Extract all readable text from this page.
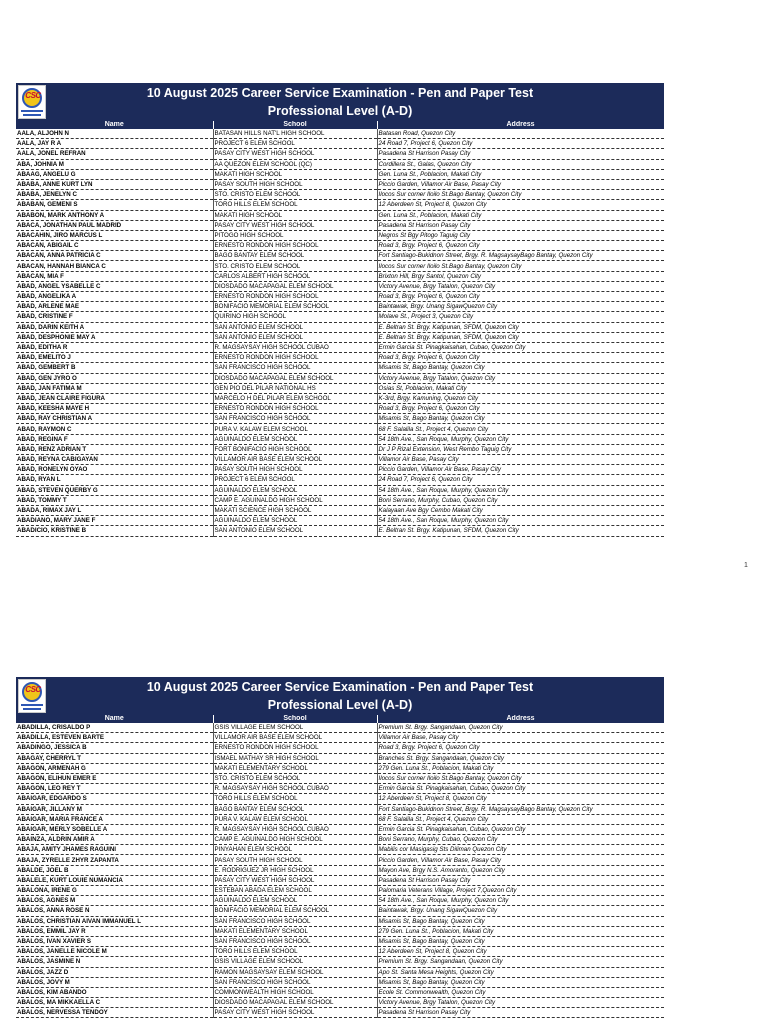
CSC	10 August 2025 Career Service Examination - Pen and Paper Test
Professional Level (A-D)
Name	School	Address
AALA, ALJOHN N	BATASAN HILLS NAT'L HIGH SCHOOL	Batasan Road, Quezon City
AALA, JAY R A	PROJECT 6 ELEM SCHOOL	24 Road 7, Project 6, Quezon City
AALA, JONEL REFRAN	PASAY CITY WEST HIGH SCHOOL	Pasadena St Harrison Pasay City
ABA, JOHNIA M	AA QUEZON ELEM SCHOOL (QC)	Cordillera St., Galas, Quezon City
ABAAG, ANGELU G	MAKATI HIGH SCHOOL	Gen. Luna St., Poblacion, Makati City
ABABA, ANNE KURT LYN	PASAY SOUTH HIGH SCHOOL	Piccio Garden, Villamor Air Base, Pasay City
ABABA, JENELYN C	STO. CRISTO ELEM SCHOOL	Ilocos Sur corner Iloilo St.Bago Bantay, Quezon City
ABABAN, GEMENI S	TORO HILLS ELEM SCHOOL	12 Aberdeen St, Project 8, Quezon City
ABABON, MARK ANTHONY A	MAKATI HIGH SCHOOL	Gen. Luna St., Poblacion, Makati City
ABACA, JONATHAN PAUL MADRID	PASAY CITY WEST HIGH SCHOOL	Pasadena St Harrison Pasay City
ABACAHIN, JIRO MARCUS L	PITOGO HIGH SCHOOL	Negros St Bgy Pitogo Taguig City
ABACAN, ABIGAIL C	ERNESTO RONDON HIGH SCHOOL	Road 3, Brgy. Project 6, Quezon City
ABACAN, ANNA PATRICIA C	BAGO BANTAY ELEM SCHOOL	Fort Santiago-Bukidnon Street, Brgy. R. MagsaysayBago Bantay, Quezon City
ABACAN, HANNAH BIANCA C	STO. CRISTO ELEM SCHOOL	Ilocos Sur corner Iloilo St.Bago Bantay, Quezon City
ABACAN, MIA F	CARLOS ALBERT HIGH SCHOOL	Brixton Hill, Brgy Santol, Quezon City
ABAD, ANGEL YSABELLE C	DIOSDADO MACAPAGAL ELEM SCHOOL	Victory Avenue, Brgy Tatalon, Quezon City
ABAD, ANGELIKA A	ERNESTO RONDON HIGH SCHOOL	Road 3, Brgy. Project 6, Quezon City
ABAD, ARLENE MAE	BONIFACIO MEMORIAL ELEM SCHOOL	Baintawak, Brgy. Unang SigawQuezon City
ABAD, CRISTINE F	QUIRINO HIGH SCHOOL	Molave St., Project 3, Quezon City
ABAD, DARIN KEITH A	SAN ANTONIO ELEM SCHOOL	E. Beltran St. Brgy. Katipunan, SFDM, Quezon City
ABAD, DESPHONIE MAY A	SAN ANTONIO ELEM SCHOOL	E. Beltran St. Brgy. Katipunan, SFDM, Quezon City
ABAD, EDITHA R	R. MAGSAYSAY HIGH SCHOOL CUBAO	Ermin Garcia St. Pinagkaisahan, Cubao, Quezon City
ABAD, EMELITO J	ERNESTO RONDON HIGH SCHOOL	Road 3, Brgy. Project 6, Quezon City
ABAD, GEMBERT B	SAN FRANCISCO HIGH SCHOOL	Misamis St, Bago Bantay, Quezon City
ABAD, GEN JYRO O	DIOSDADO MACAPAGAL ELEM SCHOOL	Victory Avenue, Brgy Tatalon, Quezon City
ABAD, JAN FATIMA M	GEN PIO DEL PILAR NATIONAL HS	Osias St, Poblacion, Makati City
ABAD, JEAN CLAIRE FIGURA	MARCELO H DEL PILAR ELEM SCHOOL	K-3rd, Brgy. Kamuning, Quezon City
ABAD, KEESHA MAYE H	ERNESTO RONDON HIGH SCHOOL	Road 3, Brgy. Project 6, Quezon City
ABAD, RAY CHRISTIAN A	SAN FRANCISCO HIGH SCHOOL	Misamis St, Bago Bantay, Quezon City
ABAD, RAYMON C	PURA V. KALAW ELEM SCHOOL	68 F. Salalila St., Project 4, Quezon City
ABAD, REGINA F	AGUINALDO ELEM SCHOOL	54 18th Ave., San Roque, Murphy, Quezon City
ABAD, RENZ ADRIAN T	FORT BONIFACIO HIGH SCHOOL	Dr J P Rizal Extension, West Rembo Taguig City
ABAD, REYNA CABIGAYAN	VILLAMOR AIR BASE ELEM SCHOOL	Villamor Air Base, Pasay City
ABAD, RONELYN OYAO	PASAY SOUTH HIGH SCHOOL	Piccio Garden, Villamor Air Base, Pasay City
ABAD, RYAN L	PROJECT 6 ELEM SCHOOL	24 Road 7, Project 6, Quezon City
ABAD, STEVEN QUERBY G	AGUINALDO ELEM SCHOOL	54 18th Ave., San Roque, Murphy, Quezon City
ABAD, TOMMY T	CAMP E. AGUINALDO HIGH SCHOOL	Boni Serrano, Murphy, Cubao, Quezon City
ABADA, RIMAX JAY L	MAKATI SCIENCE HIGH SCHOOL	Kalayaan Ave Bgy Cembo Makati City
ABADIANO, MARY JANE F	AGUINALDO ELEM SCHOOL	54 18th Ave., San Roque, Murphy, Quezon City
ABADICIO, KRISTINE B	SAN ANTONIO ELEM SCHOOL	E. Beltran St. Brgy. Katipunan, SFDM, Quezon City
1
CSC	10 August 2025 Career Service Examination - Pen and Paper Test
Professional Level (A-D)
Name	School	Address
ABADILLA, CRISALDO P	GSIS VILLAGE ELEM SCHOOL	Premium St. Brgy. Sangandaan, Quezon City
ABADILLA, ESTEVEN BARTE	VILLAMOR AIR BASE ELEM SCHOOL	Villamor Air Base, Pasay City
ABADINGO, JESSICA B	ERNESTO RONDON HIGH SCHOOL	Road 3, Brgy. Project 6, Quezon City
ABAGAY, CHERRYL T	ISMAEL MATHAY SR HIGH SCHOOL	Branches St. Brgy. Sangandaan, Quezon City
ABAGON, ARMENAH G	MAKATI ELEMENTARY SCHOOL	279 Gen. Luna St., Poblacion, Makati City
ABAGON, ELIHUN EMER E	STO. CRISTO ELEM SCHOOL	Ilocos Sur corner Iloilo St.Bago Bantay, Quezon City
ABAGON, LEO REY T	R. MAGSAYSAY HIGH SCHOOL CUBAO	Ermin Garcia St. Pinagkaisahan, Cubao, Quezon City
ABAIGAR, EDGARDO S	TORO HILLS ELEM SCHOOL	12 Aberdeen St, Project 8, Quezon City
ABAIGAR, JILLANY M	BAGO BANTAY ELEM SCHOOL	Fort Santiago-Bukidnon Street, Brgy. R. MagsaysayBago Bantay, Quezon City
ABAIGAR, MARIA FRANCE A	PURA V. KALAW ELEM SCHOOL	68 F. Salalila St., Project 4, Quezon City
ABAIGAR, MERLY SOBELLE A	R. MAGSAYSAY HIGH SCHOOL CUBAO	Ermin Garcia St. Pinagkaisahan, Cubao, Quezon City
ABAINZA, ALDRIN AMIR A	CAMP E. AGUINALDO HIGH SCHOOL	Boni Serrano, Murphy, Cubao, Quezon City
ABAJA, AMITY JHAMES RAGUINI	PINYAHAN ELEM SCHOOL	Mabilis cor Masigasig Sts Diliman Quezon City
ABAJA, ZYRELLE ZHYR ZAPANTA	PASAY SOUTH HIGH SCHOOL	Piccio Garden, Villamor Air Base, Pasay City
ABALDE, JOEL B	E. RODRIGUEZ JR HIGH SCHOOL	Mayon Ave, Brgy N.S. Amoranto, Quezon City
ABALELE, KURT LOUIE NUMANCIA	PASAY CITY WEST HIGH SCHOOL	Pasadena St Harrison Pasay City
ABALONA, IRENE G	ESTEBAN ABADA ELEM SCHOOL	Palomaria Veterans Village, Project 7,Quezon City
ABALOS, AGNES M	AGUINALDO ELEM SCHOOL	54 18th Ave., San Roque, Murphy, Quezon City
ABALOS, ANNA ROSE N	BONIFACIO MEMORIAL ELEM SCHOOL	Baintawak, Brgy. Unang SigawQuezon City
ABALOS, CHRISTIAN AIVAN IMMANUEL L	SAN FRANCISCO HIGH SCHOOL	Misamis St, Bago Bantay, Quezon City
ABALOS, EMMIL JAY R	MAKATI ELEMENTARY SCHOOL	279 Gen. Luna St., Poblacion, Makati City
ABALOS, IVAN XAVIER S	SAN FRANCISCO HIGH SCHOOL	Misamis St, Bago Bantay, Quezon City
ABALOS, JANELLE NICOLE M	TORO HILLS ELEM SCHOOL	12 Aberdeen St, Project 8, Quezon City
ABALOS, JASMINE N	GSIS VILLAGE ELEM SCHOOL	Premium St. Brgy. Sangandaan, Quezon City
ABALOS, JAZZ D	RAMON MAGSAYSAY ELEM SCHOOL	Apo St. Santa Mesa Heights, Quezon City
ABALOS, JOVY M	SAN FRANCISCO HIGH SCHOOL	Misamis St, Bago Bantay, Quezon City
ABALOS, KIM ABANDO	COMMONWEALTH HIGH SCHOOL	Ecole St. Commonwealth, Quezon City
ABALOS, MA MIKKAELLA C	DIOSDADO MACAPAGAL ELEM SCHOOL	Victory Avenue, Brgy Tatalon, Quezon City
ABALOS, NERVESSA TENDOY	PASAY CITY WEST HIGH SCHOOL	Pasadena St Harrison Pasay City
